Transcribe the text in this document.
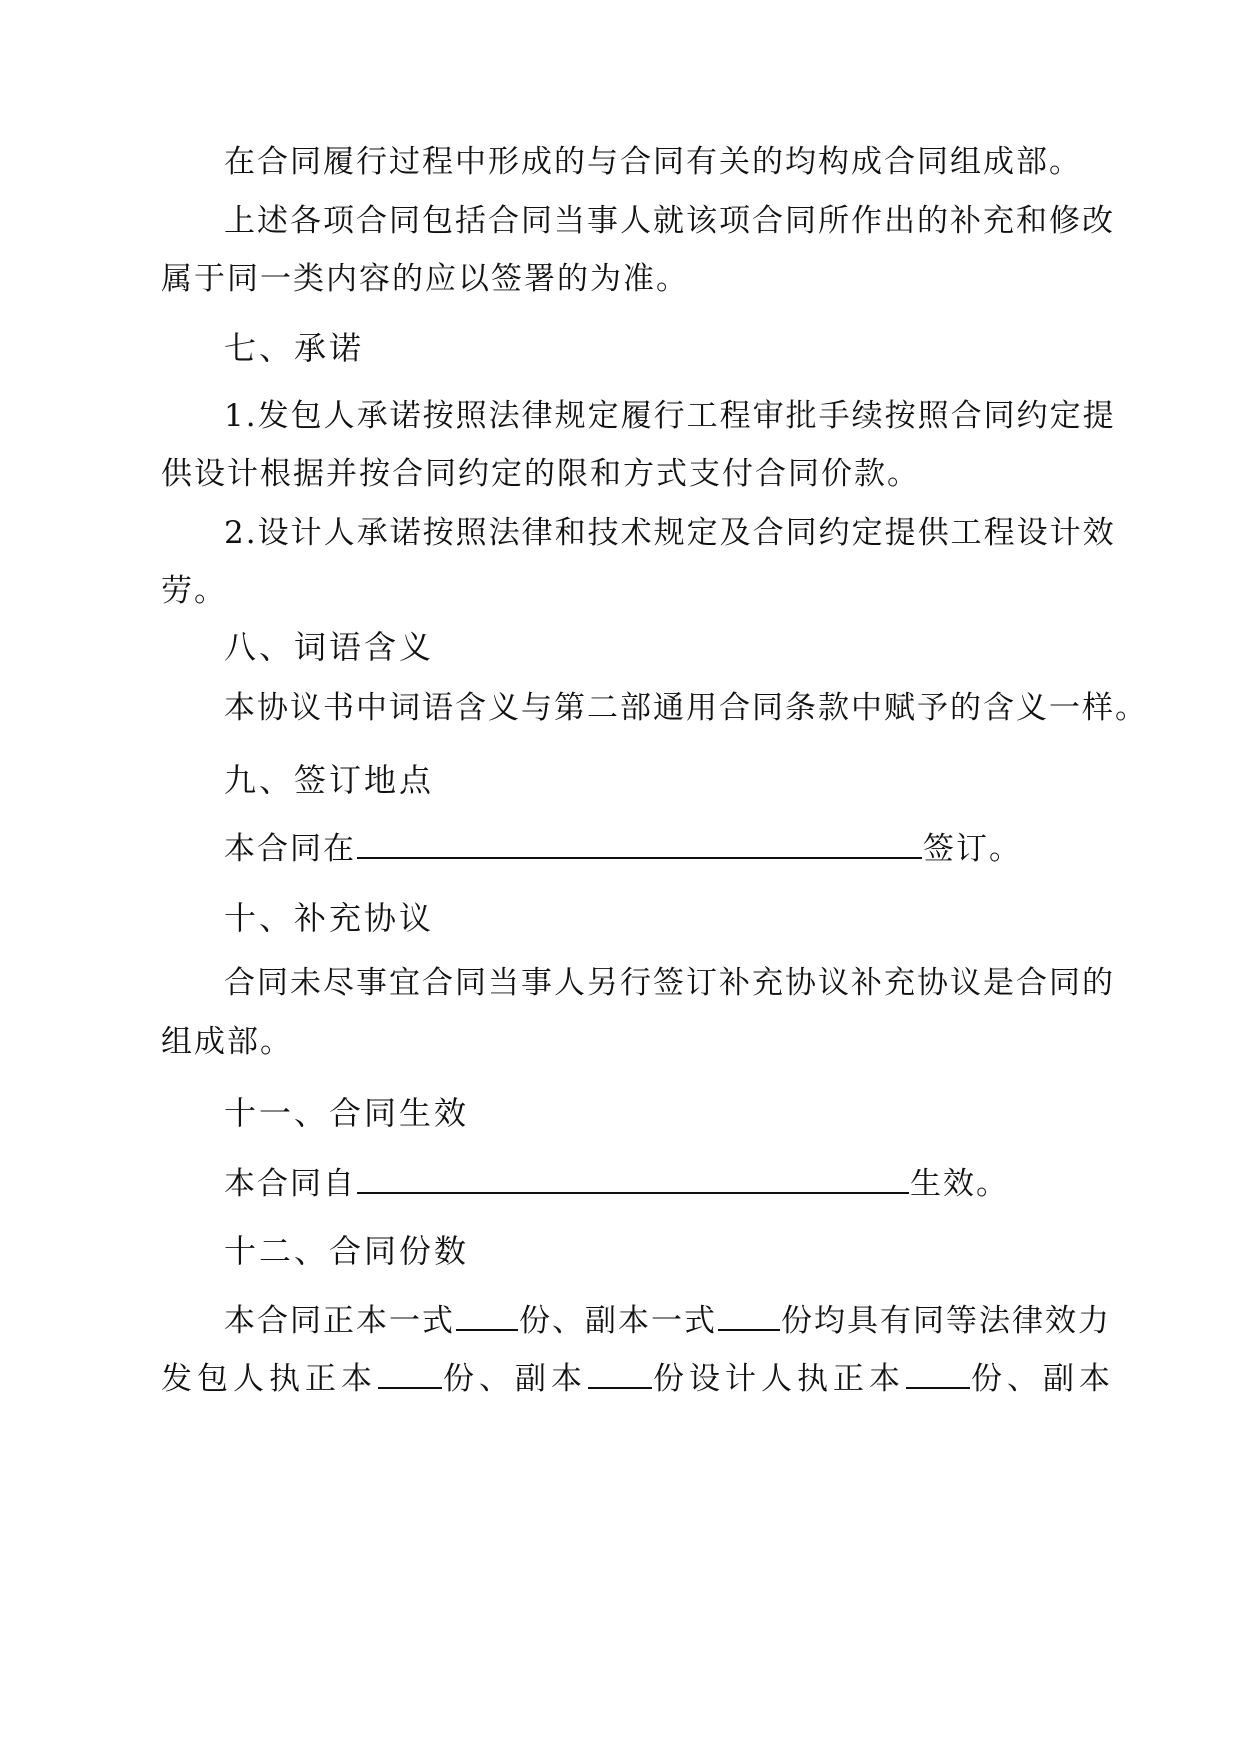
在合同履行过程中形成的与合同有关的均构成合同组成部。
上述各项合同包括合同当事人就该项合同所作出的补充和修改
属于同一类内容的应以签署的为准。
七、承诺
1.发包人承诺按照法律规定履行工程审批手续按照合同约定提
供设计根据并按合同约定的限和方式支付合同价款。
2.设计人承诺按照法律和技术规定及合同约定提供工程设计效
劳。
八、词语含义
本协议书中词语含义与第二部通用合同条款中赋予的含义一样。
九、签订地点
本合同在	签订。
十、补充协议
合同未尽事宜合同当事人另行签订补充协议补充协议是合同的
组成部。
十一、合同生效
本合同自	生效。
十二、合同份数
本合同正本一式 份、副本一式 份均具有同等法律效力
发包人执正本 份、副本 份设计人执正本 份、副本
